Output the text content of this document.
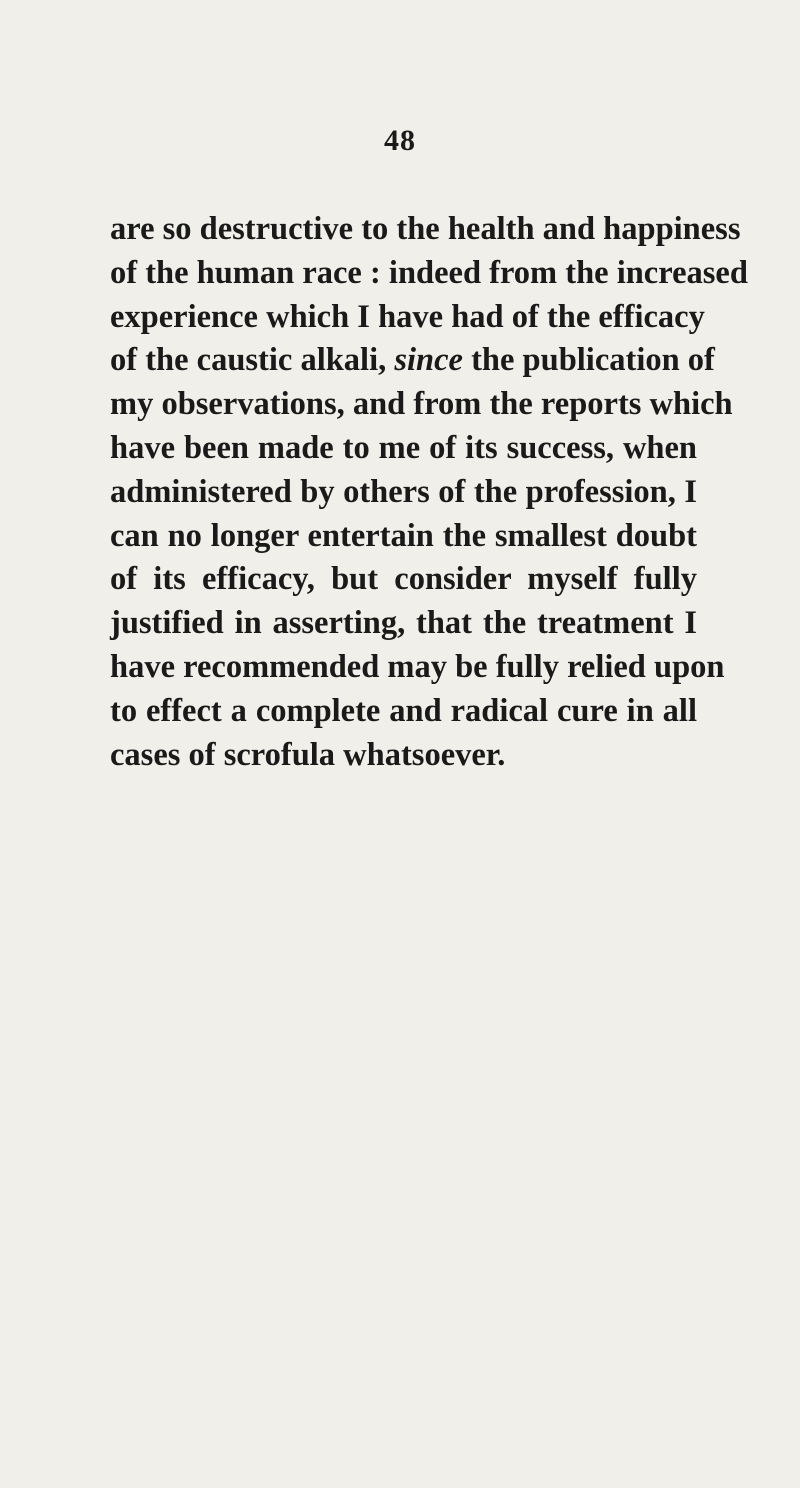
48
are so destructive to the health and happiness
of the human race : indeed from the increased
experience which I have had of the efficacy
of the caustic alkali, since the publication of
my observations, and from the reports which
have been made to me of its success, when
administered by others of the profession, I
can no longer entertain the smallest doubt
of its efficacy, but consider myself fully
justified in asserting, that the treatment I
have recommended may be fully relied upon
to effect a complete and radical cure in all
cases of scrofula whatsoever.
